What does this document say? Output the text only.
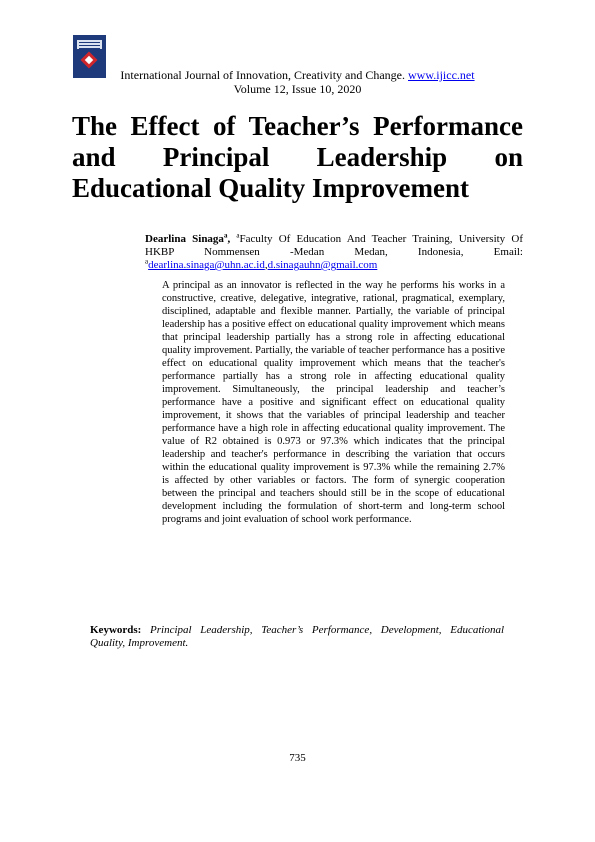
International Journal of Innovation, Creativity and Change. www.ijicc.net
Volume 12, Issue 10, 2020
The Effect of Teacher’s Performance
and Principal Leadership on
Educational Quality Improvement
Dearlina Sinaga$^a$, $^a$Faculty Of Education And Teacher Training, University Of HKBP Nommensen -Medan Medan, Indonesia, Email: $^a$dearlina.sinaga@uhn.ac.id,d.sinagauhn@gmail.com
A principal as an innovator is reflected in the way he performs his works in a constructive, creative, delegative, integrative, rational, pragmatical, exemplary, disciplined, adaptable and flexible manner. Partially, the variable of principal leadership has a positive effect on educational quality improvement which means that principal leadership partially has a strong role in affecting educational quality improvement. Partially, the variable of teacher performance has a positive effect on educational quality improvement which means that the teacher's performance partially has a strong role in affecting educational quality improvement. Simultaneously, the principal leadership and teacher’s performance have a positive and significant effect on educational quality improvement, it shows that the variables of principal leadership and teacher performance have a high role in affecting educational quality improvement. The value of R2 obtained is 0.973 or 97.3% which indicates that the principal leadership and teacher's performance in describing the variation that occurs within the educational quality improvement is 97.3% while the remaining 2.7% is affected by other variables or factors. The form of synergic cooperation between the principal and teachers should still be in the scope of educational development including the formulation of short-term and long-term school programs and joint evaluation of school work performance.
Keywords: Principal Leadership, Teacher’s Performance, Development, Educational Quality, Improvement.
735
